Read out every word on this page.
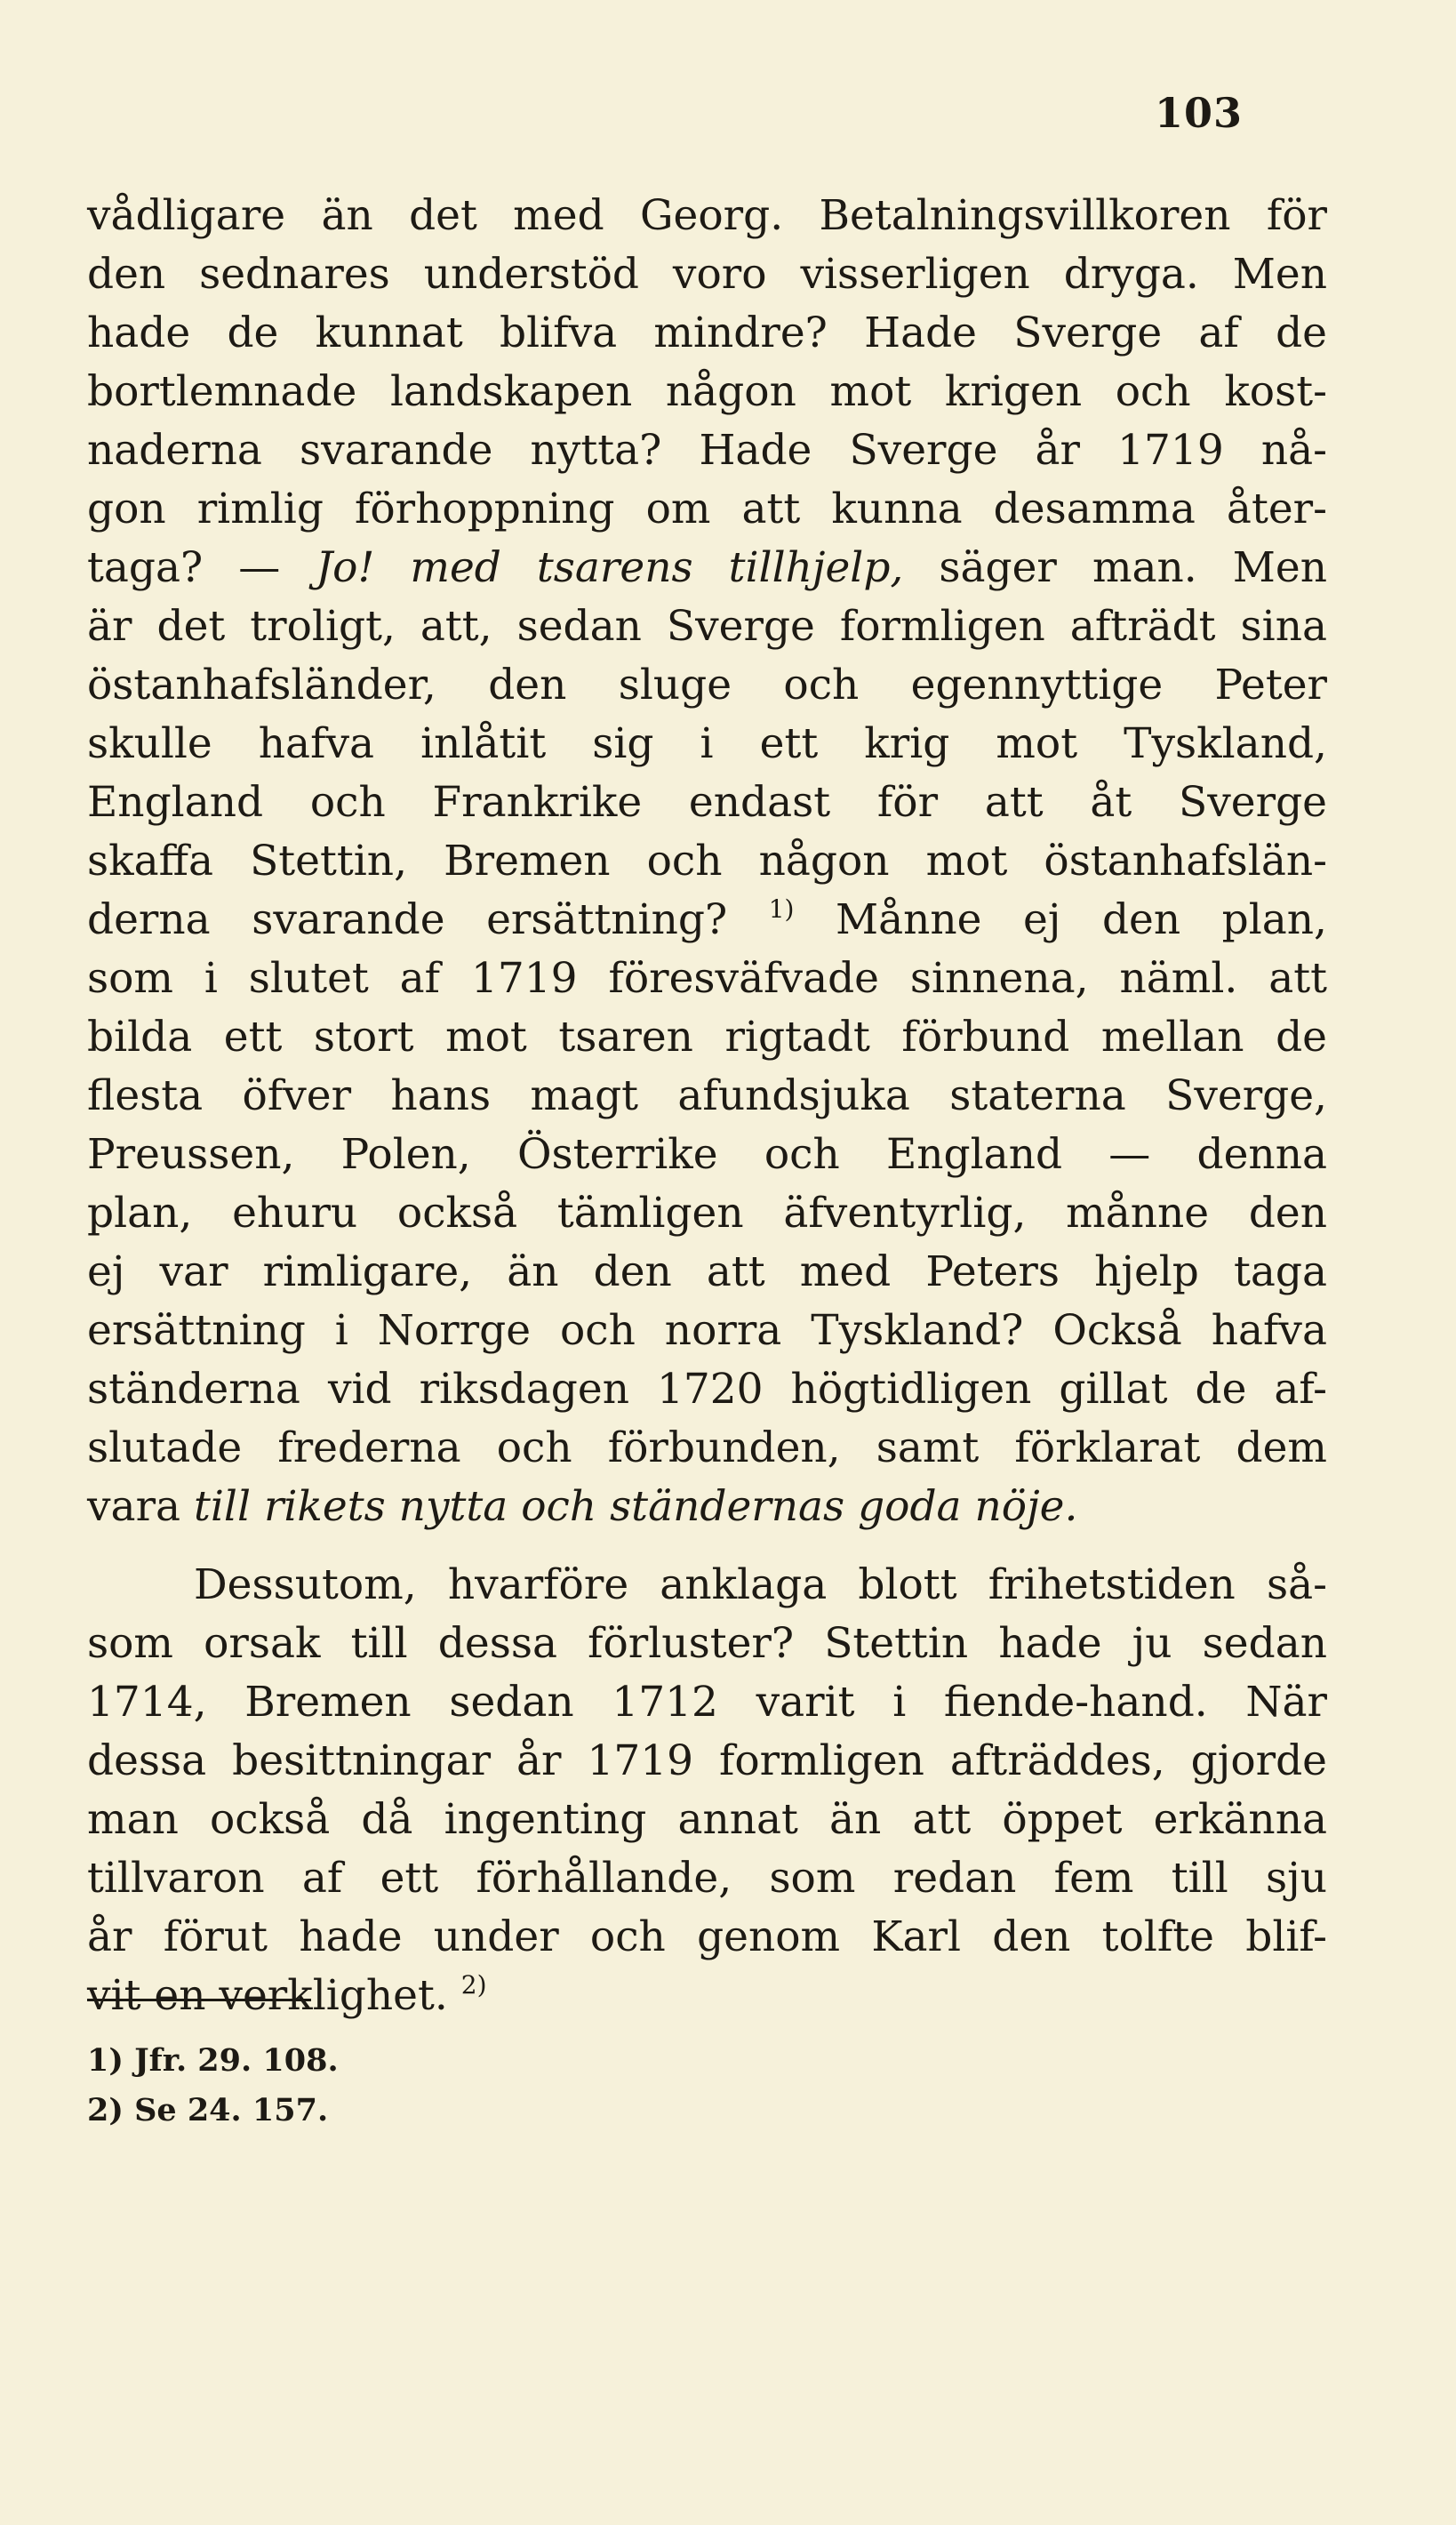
103

vådligare än det med Georg. Betalningsvillkoren för
den sednares understöd voro visserligen dryga. Men
hade de kunnat blifva mindre? Hade Sverge af de
bortlemnade landskapen någon mot krigen och kost-
naderna svarande nytta? Hade Sverge år 1719 nå-
gon rimlig förhoppning om att kunna desamma åter-
taga? — Jo! med tsarens tillhjelp, säger man. Men
är det troligt, att, sedan Sverge formligen afträdt sina
östanhafsländer, den sluge och egennyttige Peter
skulle hafva inlåtit sig i ett krig mot Tyskland,
England och Frankrike endast för att åt Sverge
skaffa Stettin, Bremen och någon mot östanhafslän-
derna svarande ersättning? $^{1)}$ Månne ej den plan,
som i slutet af 1719 föresväfvade sinnena, näml. att
bilda ett stort mot tsaren rigtadt förbund mellan de
flesta öfver hans magt afundsjuka staterna Sverge,
Preussen, Polen, Österrike och England — denna
plan, ehuru också tämligen äfventyrlig, månne den
ej var rimligare, än den att med Peters hjelp taga
ersättning i Norrge och norra Tyskland? Också hafva
ständerna vid riksdagen 1720 högtidligen gillat de af-
slutade frederna och förbunden, samt förklarat dem
vara till rikets nytta och ständernas goda nöje.
Dessutom, hvarföre anklaga blott frihetstiden så-
som orsak till dessa förluster? Stettin hade ju sedan
1714, Bremen sedan 1712 varit i fiende-hand. När
dessa besittningar år 1719 formligen afträddes, gjorde
man också då ingenting annat än att öppet erkänna
tillvaron af ett förhållande, som redan fem till sju
år förut hade under och genom Karl den tolfte blif-
vit en verklighet. $^{2)}$
1) Jfr. 29. 108.
2) Se 24. 157.
